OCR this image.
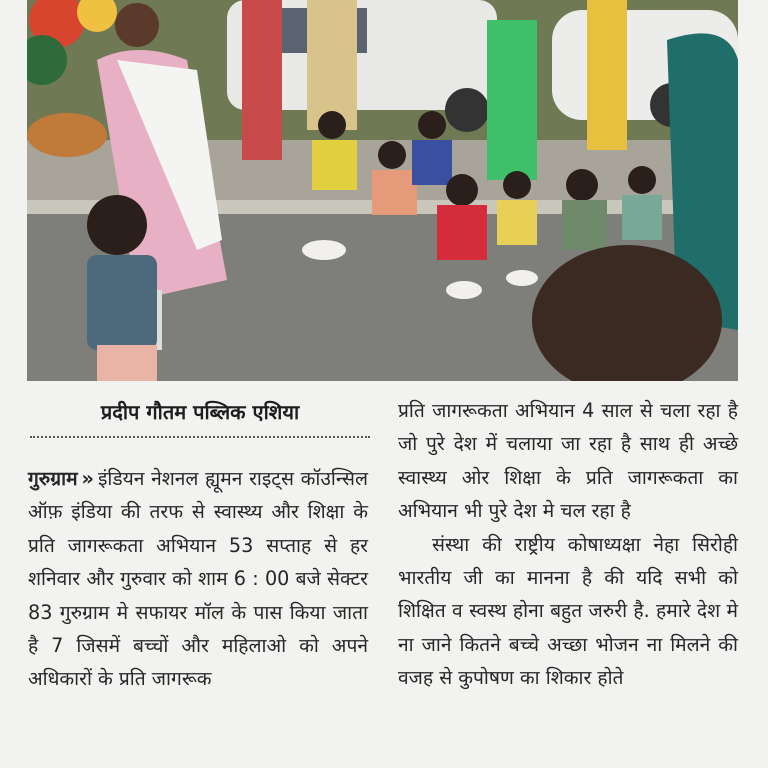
प्रदीप गौतम पब्लिक एशिया

गुरुग्राम » इंडियन नेशनल ह्यूमन राइट्स कॉउन्सिल ऑफ़ इंडिया की तरफ से स्वास्थ्य और शिक्षा के प्रति जागरूकता अभियान 53 सप्ताह से हर शनिवार और गुरुवार को शाम 6 : 00 बजे सेक्टर 83 गुरुग्राम मे सफायर मॉल के पास किया जाता है 7 जिसमें बच्चों और महिलाओ को अपने अधिकारों के प्रति जागरूक

प्रति जागरूकता अभियान 4 साल से चला रहा है जो पुरे देश में चलाया जा रहा है साथ ही अच्छे स्वास्थ्य ओर शिक्षा के प्रति जागरूकता का अभियान भी पुरे देश मे चल रहा है

संस्था की राष्ट्रीय कोषाध्यक्षा नेहा सिरोही भारतीय जी का मानना है की यदि सभी को शिक्षित व स्वस्थ होना बहुत जरुरी है. हमारे देश मे ना जाने कितने बच्चे अच्छा भोजन ना मिलने की वजह से कुपोषण का शिकार होते
